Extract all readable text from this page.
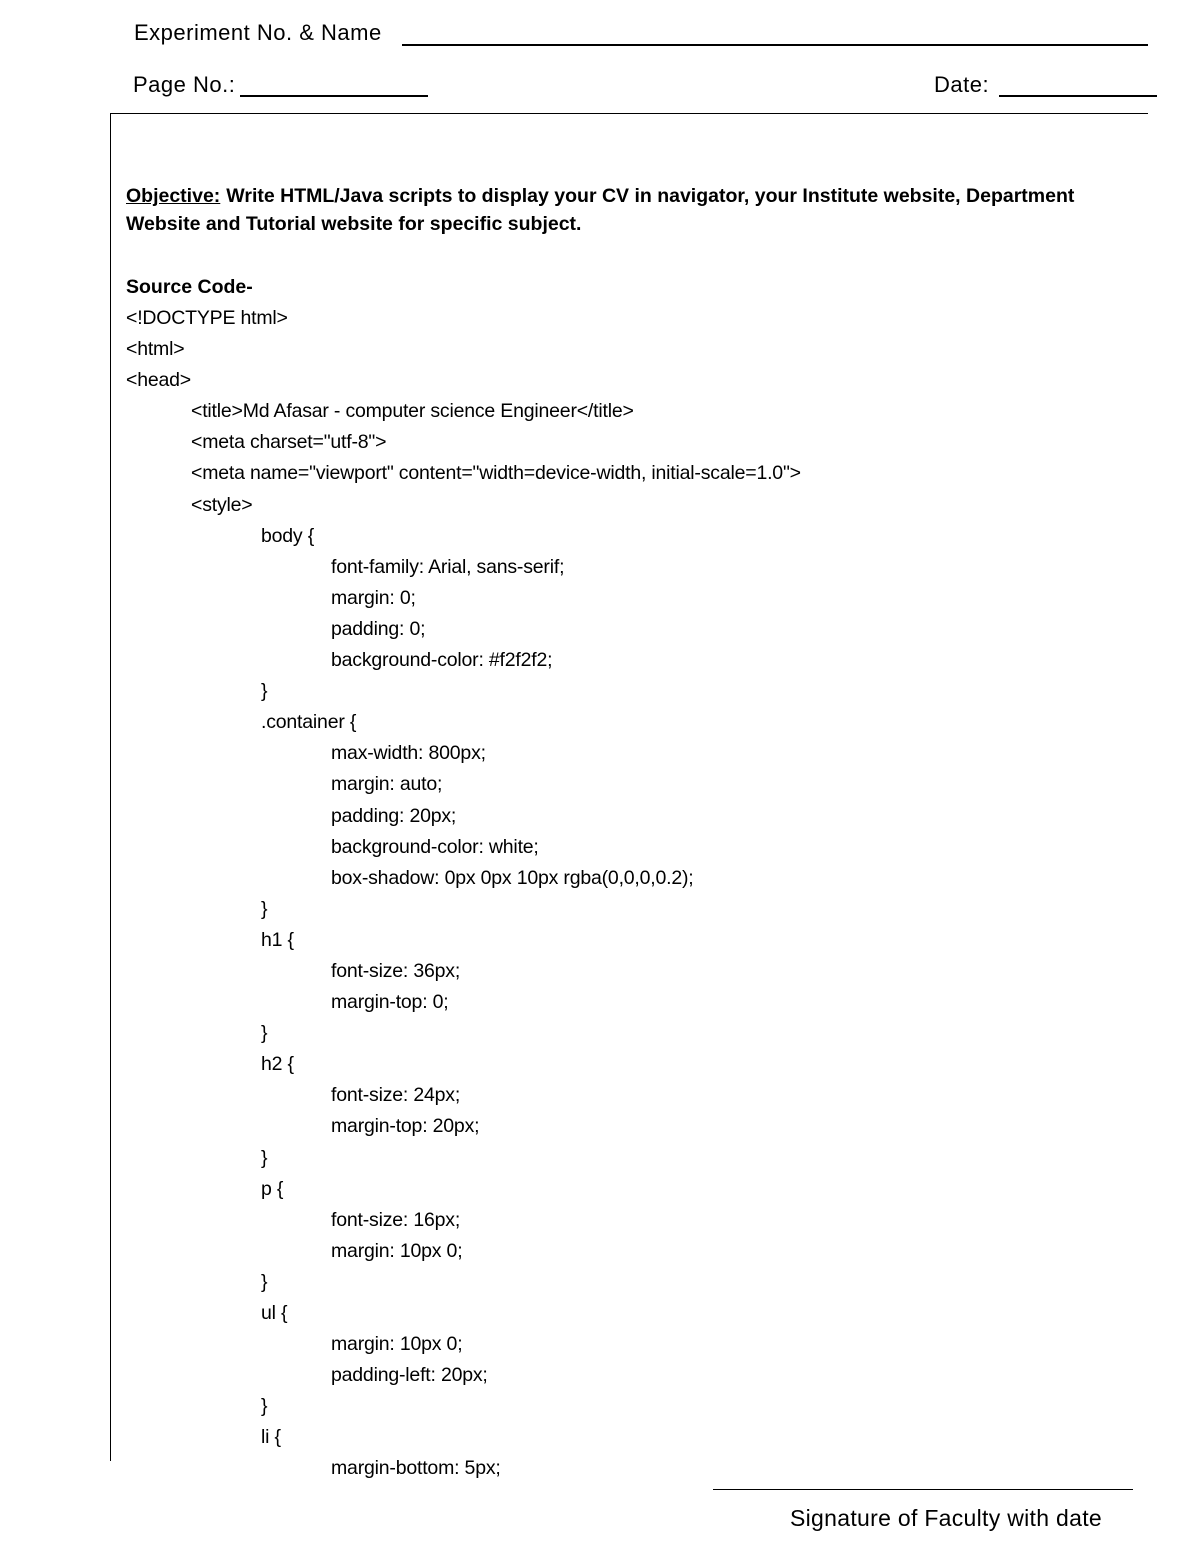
Experiment No. & Name
Page No.:	Date:

Objective: Write HTML/Java scripts to display your CV in navigator, your Institute website, Department Website and Tutorial website for specific subject.

Source Code-
<!DOCTYPE html>
<html>
<head>
<title>Md Afasar - computer science Engineer</title>
<meta charset="utf-8">
<meta name="viewport" content="width=device-width, initial-scale=1.0">
<style>
body {
font-family: Arial, sans-serif;
margin: 0;
padding: 0;
background-color: #f2f2f2;
}
.container {
max-width: 800px;
margin: auto;
padding: 20px;
background-color: white;
box-shadow: 0px 0px 10px rgba(0,0,0,0.2);
}
h1 {
font-size: 36px;
margin-top: 0;
}
h2 {
font-size: 24px;
margin-top: 20px;
}
p {
font-size: 16px;
margin: 10px 0;
}
ul {
margin: 10px 0;
padding-left: 20px;
}
li {
margin-bottom: 5px;
Signature of Faculty with date
